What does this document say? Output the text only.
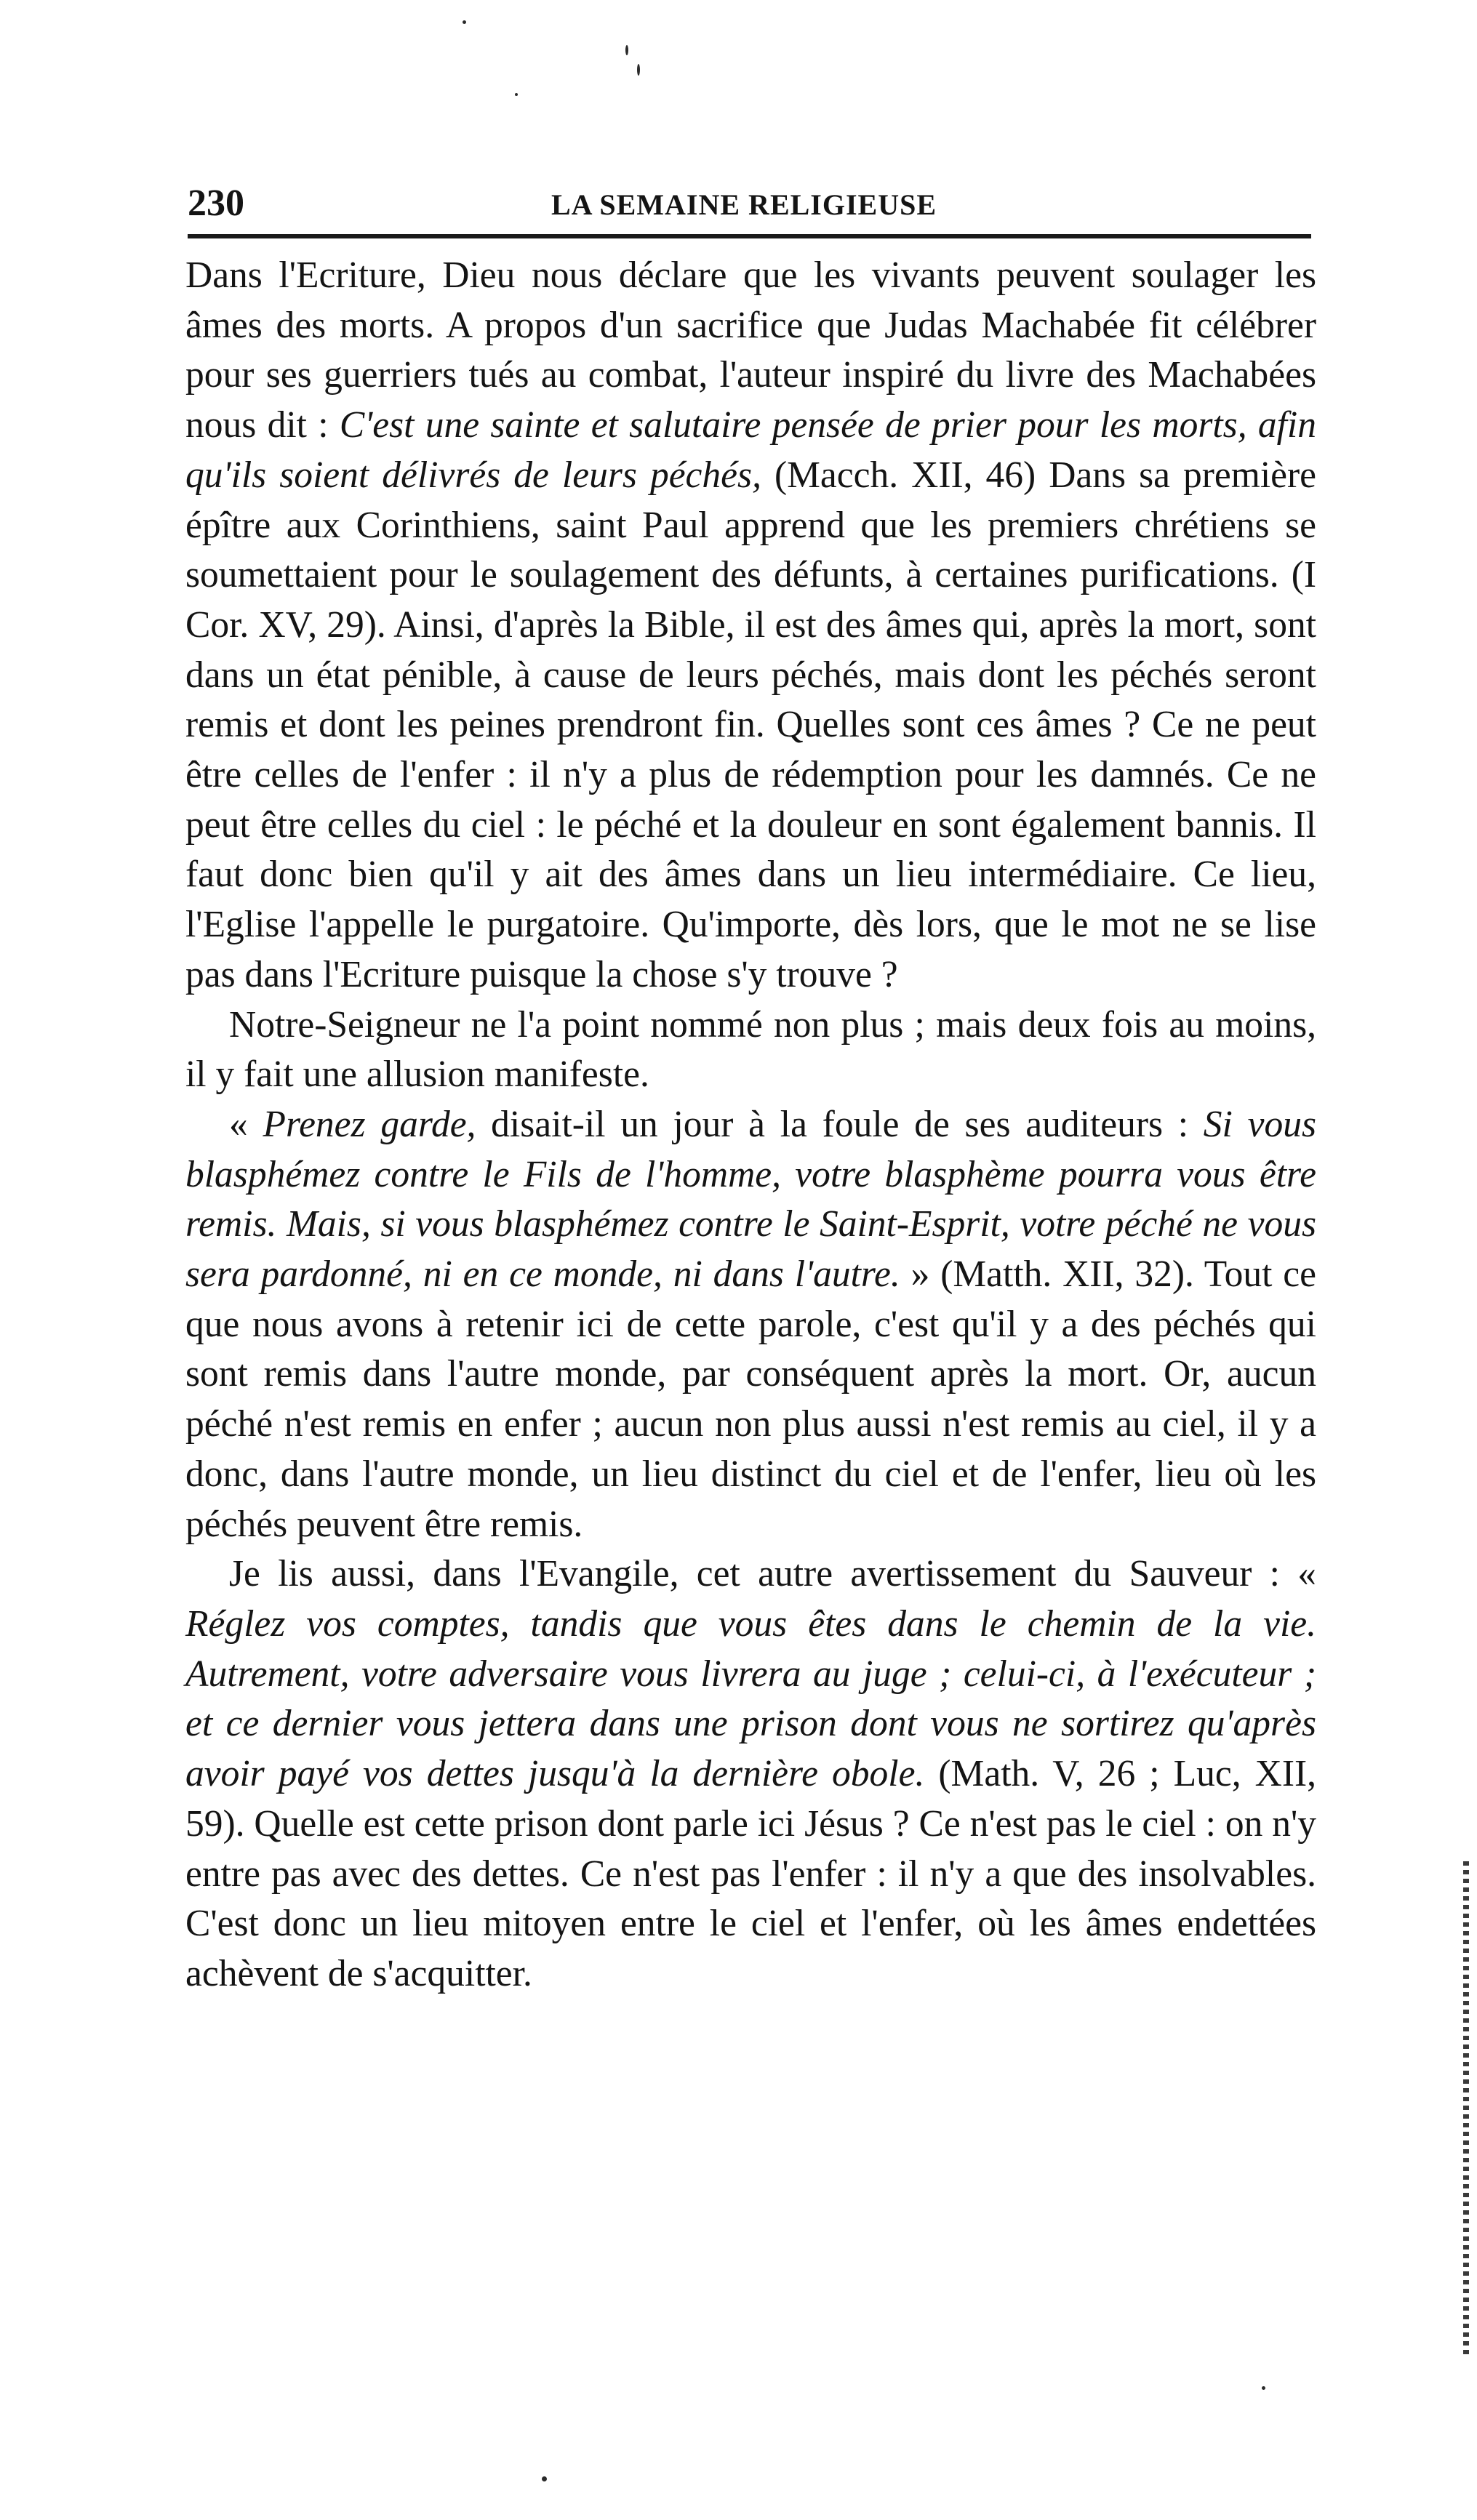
230	LA SEMAINE RELIGIEUSE

Dans l'Ecriture, Dieu nous déclare que les vivants peuvent soulager les âmes des morts. A propos d'un sacrifice que Judas Machabée fit célébrer pour ses guerriers tués au combat, l'auteur inspiré du livre des Machabées nous dit : C'est une sainte et salutaire pensée de prier pour les morts, afin qu'ils soient délivrés de leurs péchés, (Macch. XII, 46) Dans sa première épître aux Corinthiens, saint Paul apprend que les premiers chrétiens se soumettaient pour le soulagement des défunts, à certaines purifications. (I Cor. XV, 29). Ainsi, d'après la Bible, il est des âmes qui, après la mort, sont dans un état pénible, à cause de leurs péchés, mais dont les péchés seront remis et dont les peines prendront fin. Quelles sont ces âmes ? Ce ne peut être celles de l'enfer : il n'y a plus de rédemption pour les damnés. Ce ne peut être celles du ciel : le péché et la douleur en sont également bannis. Il faut donc bien qu'il y ait des âmes dans un lieu intermédiaire. Ce lieu, l'Eglise l'appelle le purgatoire. Qu'importe, dès lors, que le mot ne se lise pas dans l'Ecriture puisque la chose s'y trouve ?

Notre-Seigneur ne l'a point nommé non plus ; mais deux fois au moins, il y fait une allusion manifeste.

« Prenez garde, disait-il un jour à la foule de ses auditeurs : Si vous blasphémez contre le Fils de l'homme, votre blasphème pourra vous être remis. Mais, si vous blasphémez contre le Saint-Esprit, votre péché ne vous sera pardonné, ni en ce monde, ni dans l'autre. » (Matth. XII, 32). Tout ce que nous avons à retenir ici de cette parole, c'est qu'il y a des péchés qui sont remis dans l'autre monde, par conséquent après la mort. Or, aucun péché n'est remis en enfer ; aucun non plus aussi n'est remis au ciel, il y a donc, dans l'autre monde, un lieu distinct du ciel et de l'enfer, lieu où les péchés peuvent être remis.

Je lis aussi, dans l'Evangile, cet autre avertissement du Sauveur : « Réglez vos comptes, tandis que vous êtes dans le chemin de la vie. Autrement, votre adversaire vous livrera au juge ; celui-ci, à l'exécuteur ; et ce dernier vous jettera dans une prison dont vous ne sortirez qu'après avoir payé vos dettes jusqu'à la dernière obole. (Math. V, 26 ; Luc, XII, 59). Quelle est cette prison dont parle ici Jésus ? Ce n'est pas le ciel : on n'y entre pas avec des dettes. Ce n'est pas l'enfer : il n'y a que des insolvables. C'est donc un lieu mitoyen entre le ciel et l'enfer, où les âmes endettées achèvent de s'acquitter.
